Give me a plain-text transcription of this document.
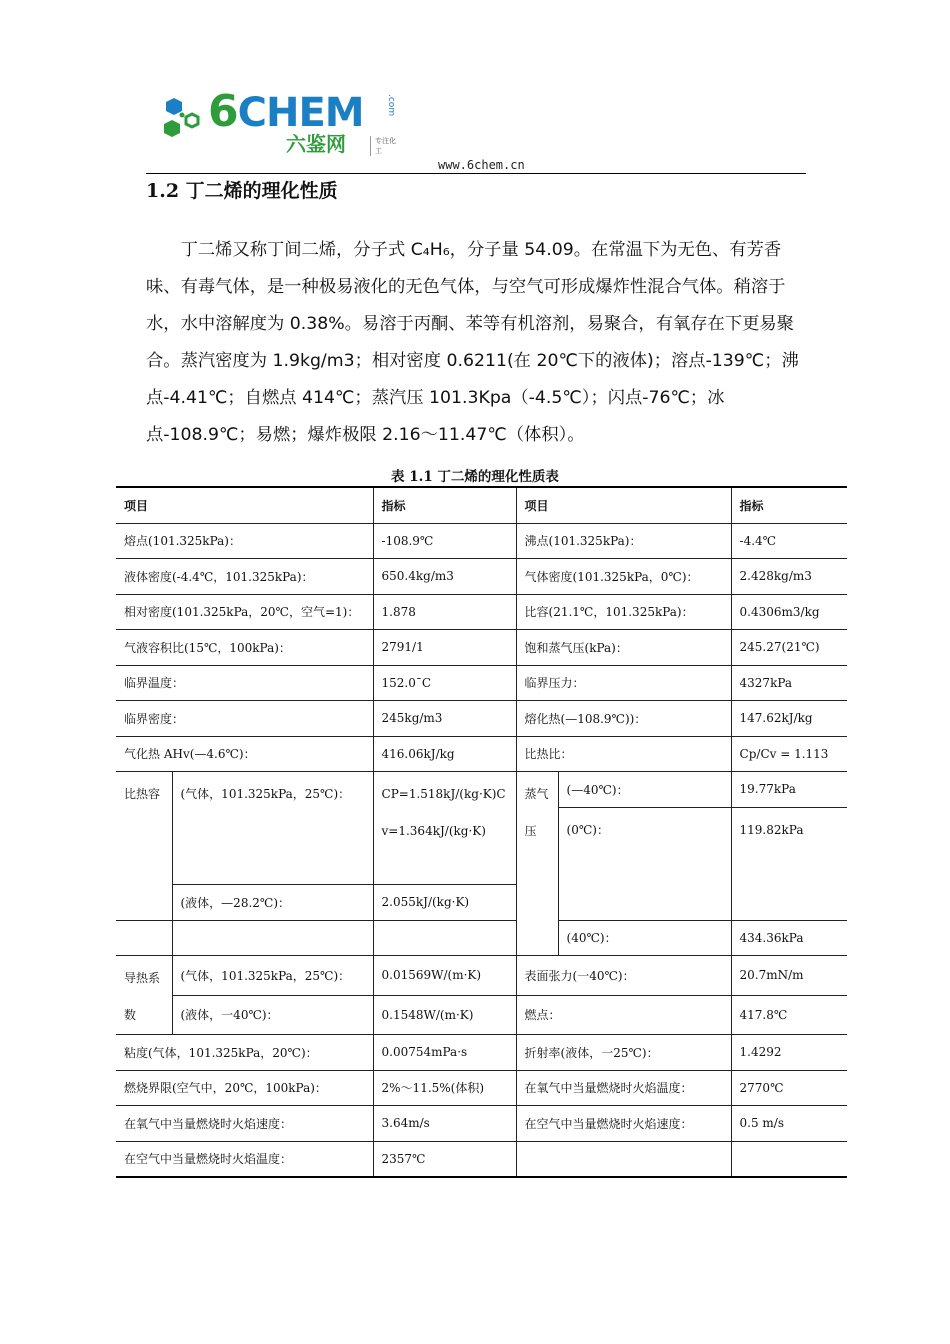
6CHEM .com
六鉴网	专注化工
www.6chem.cn
1.2 丁二烯的理化性质

丁二烯又称丁间二烯，分子式 C₄H₆，分子量 54.09。在常温下为无色、有芳香味、有毒气体，是一种极易液化的无色气体，与空气可形成爆炸性混合气体。稍溶于水，水中溶解度为 0.38%。易溶于丙酮、苯等有机溶剂，易聚合，有氧存在下更易聚合。蒸汽密度为 1.9kg/m3；相对密度 0.6211(在 20℃下的液体)；溶点-139℃；沸点-4.41℃；自燃点 414℃；蒸汽压 101.3Kpa（-4.5℃）；闪点-76℃；冰点-108.9℃；易燃；爆炸极限 2.16～11.47℃（体积）。

表 1.1 丁二烯的理化性质表
项目		指标	项目		指标
熔点(101.325kPa)：		-108.9℃	沸点(101.325kPa)：		-4.4℃
液体密度(-4.4℃，101.325kPa)：		650.4kg/m3	气体密度(101.325kPa，0℃)：		2.428kg/m3
相对密度(101.325kPa，20℃，空气=1)：		1.878	比容(21.1℃，101.325kPa)：		0.4306m3/kg
气液容积比(15℃，100kPa)：		2791/1	饱和蒸气压(kPa)：		245.27(21℃)
临界温度：		152.0¯C	临界压力：		4327kPa
临界密度：		245kg/m3	熔化热(—108.9℃))：		147.62kJ/kg
气化热 AHv(—4.6℃)：		416.06kJ/kg	比热比：		Cp/Cv = 1.113
比热容	(气体，101.325kPa，25℃)：	CP=1.518kJ/(kg·K)Cv=1.364kJ/(kg·K)	蒸气压	(—40℃)：	19.77kPa
				(0℃)：	119.82kPa
	(液体，—28.2℃)：	2.055kJ/(kg·K)			
				(40℃)：	434.36kPa
导热系数	(气体，101.325kPa，25℃)：	0.01569W/(m·K)	表面张力(一40℃)：		20.7mN/m
	(液体，一40℃)：	0.1548W/(m·K)	燃点：		417.8℃
粘度(气体，101.325kPa，20℃)：		0.00754mPa·s	折射率(液体，一25℃)：		1.4292
燃烧界限(空气中，20℃，100kPa)：		2%～11.5%(体积)	在氧气中当量燃烧时火焰温度：		2770℃
在氧气中当量燃烧时火焰速度：		3.64m/s	在空气中当量燃烧时火焰速度：		0.5 m/s
在空气中当量燃烧时火焰温度：		2357℃			
